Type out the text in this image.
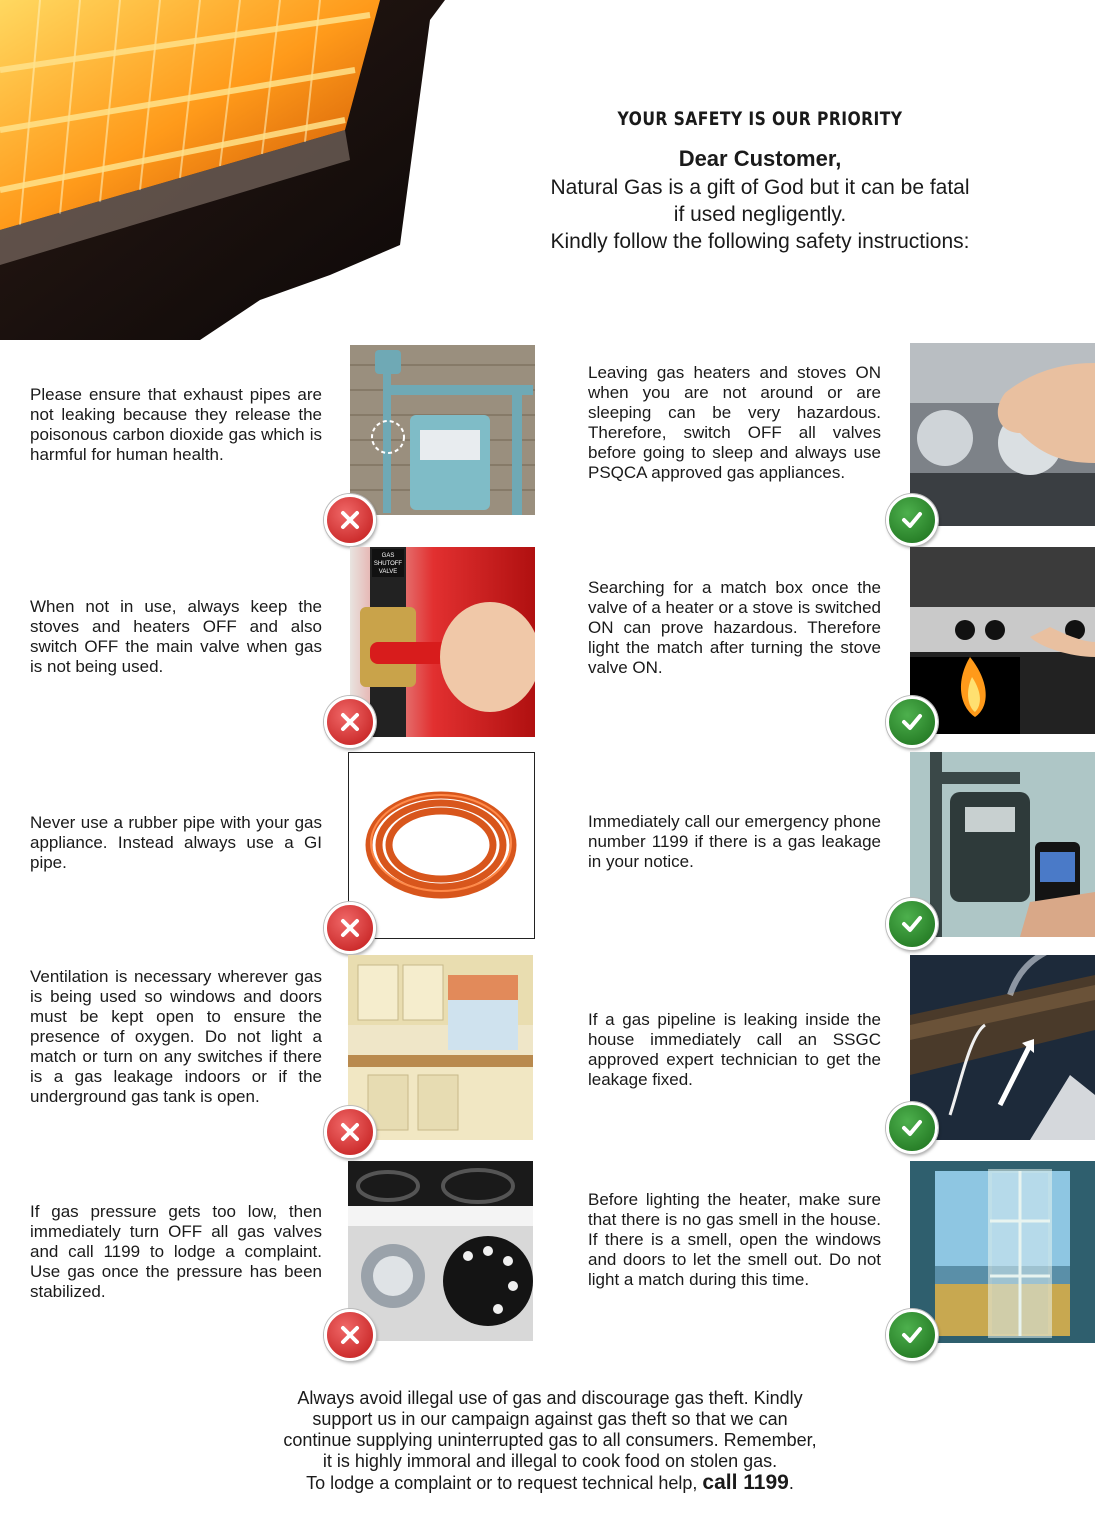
YOUR SAFETY IS OUR PRIORITY
Dear Customer,
Natural Gas is a gift of God but it can be fatal
if used negligently.
Kindly follow the following safety instructions:
Please ensure that exhaust pipes are not leaking because they release the poisonous carbon dioxide gas which is harmful for human health.
When not in use, always keep the stoves and heaters OFF and also switch OFF the main valve when gas is not being used.
GAS
SHUTOFF
VALVE
Never use a rubber pipe with your gas appliance. Instead always use a GI pipe.
Ventilation is necessary wherever gas is being used so windows and doors must be kept open to ensure the presence of oxygen. Do not light a match or turn on any switches if there is a gas leakage indoors or if the underground gas tank is open.
If gas pressure gets too low, then immediately turn OFF all gas valves and call 1199 to lodge a complaint. Use gas once the pressure has been stabilized.
Leaving gas heaters and stoves ON when you are not around or are sleeping can be very hazardous. Therefore, switch OFF all valves before going to sleep and always use PSQCA approved gas appliances.
Searching for a match box once the valve of a heater or a stove is switched ON can prove hazardous. Therefore light the match after turning the stove valve ON.
Immediately call our emergency phone number 1199 if there is a gas leakage in your notice.
If a gas pipeline is leaking inside the house immediately call an SSGC approved expert technician to get the leakage fixed.
Before lighting the heater, make sure that there is no gas smell in the house. If there is a smell, open the windows and doors to let the smell out. Do not light a match during this time.
Always avoid illegal use of gas and discourage gas theft. Kindly
support us in our campaign against gas theft so that we can
continue supplying uninterrupted gas to all consumers. Remember,
it is highly immoral and illegal to cook food on stolen gas.
To lodge a complaint or to request technical help, call 1199.
